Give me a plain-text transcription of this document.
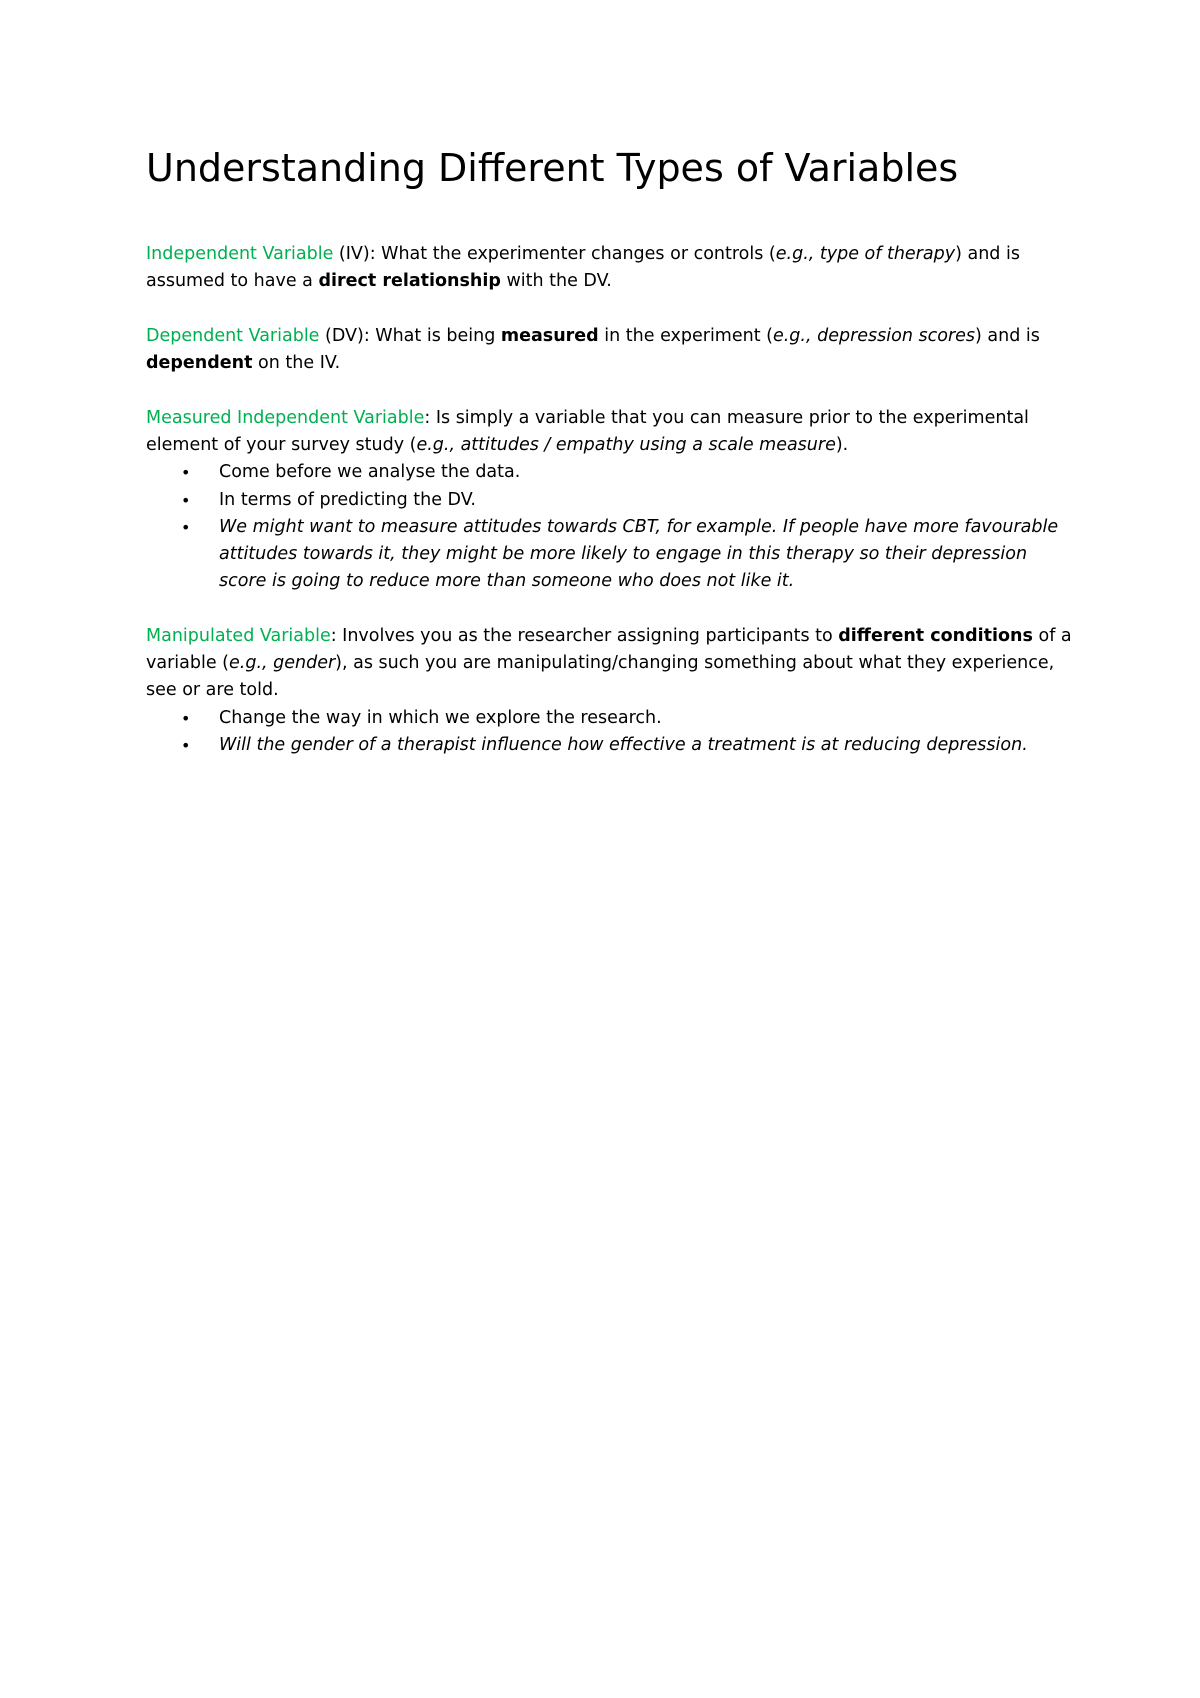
Understanding Different Types of Variables

Independent Variable (IV): What the experimenter changes or controls (e.g., type of therapy) and is assumed to have a direct relationship with the DV.

Dependent Variable (DV): What is being measured in the experiment (e.g., depression scores) and is dependent on the IV.

Measured Independent Variable: Is simply a variable that you can measure prior to the experimental element of your survey study (e.g., attitudes / empathy using a scale measure).

• Come before we analyse the data.
• In terms of predicting the DV.
• We might want to measure attitudes towards CBT, for example. If people have more favourable attitudes towards it, they might be more likely to engage in this therapy so their depression score is going to reduce more than someone who does not like it.

Manipulated Variable: Involves you as the researcher assigning participants to different conditions of a variable (e.g., gender), as such you are manipulating/changing something about what they experience, see or are told.

• Change the way in which we explore the research.
• Will the gender of a therapist influence how effective a treatment is at reducing depression.
